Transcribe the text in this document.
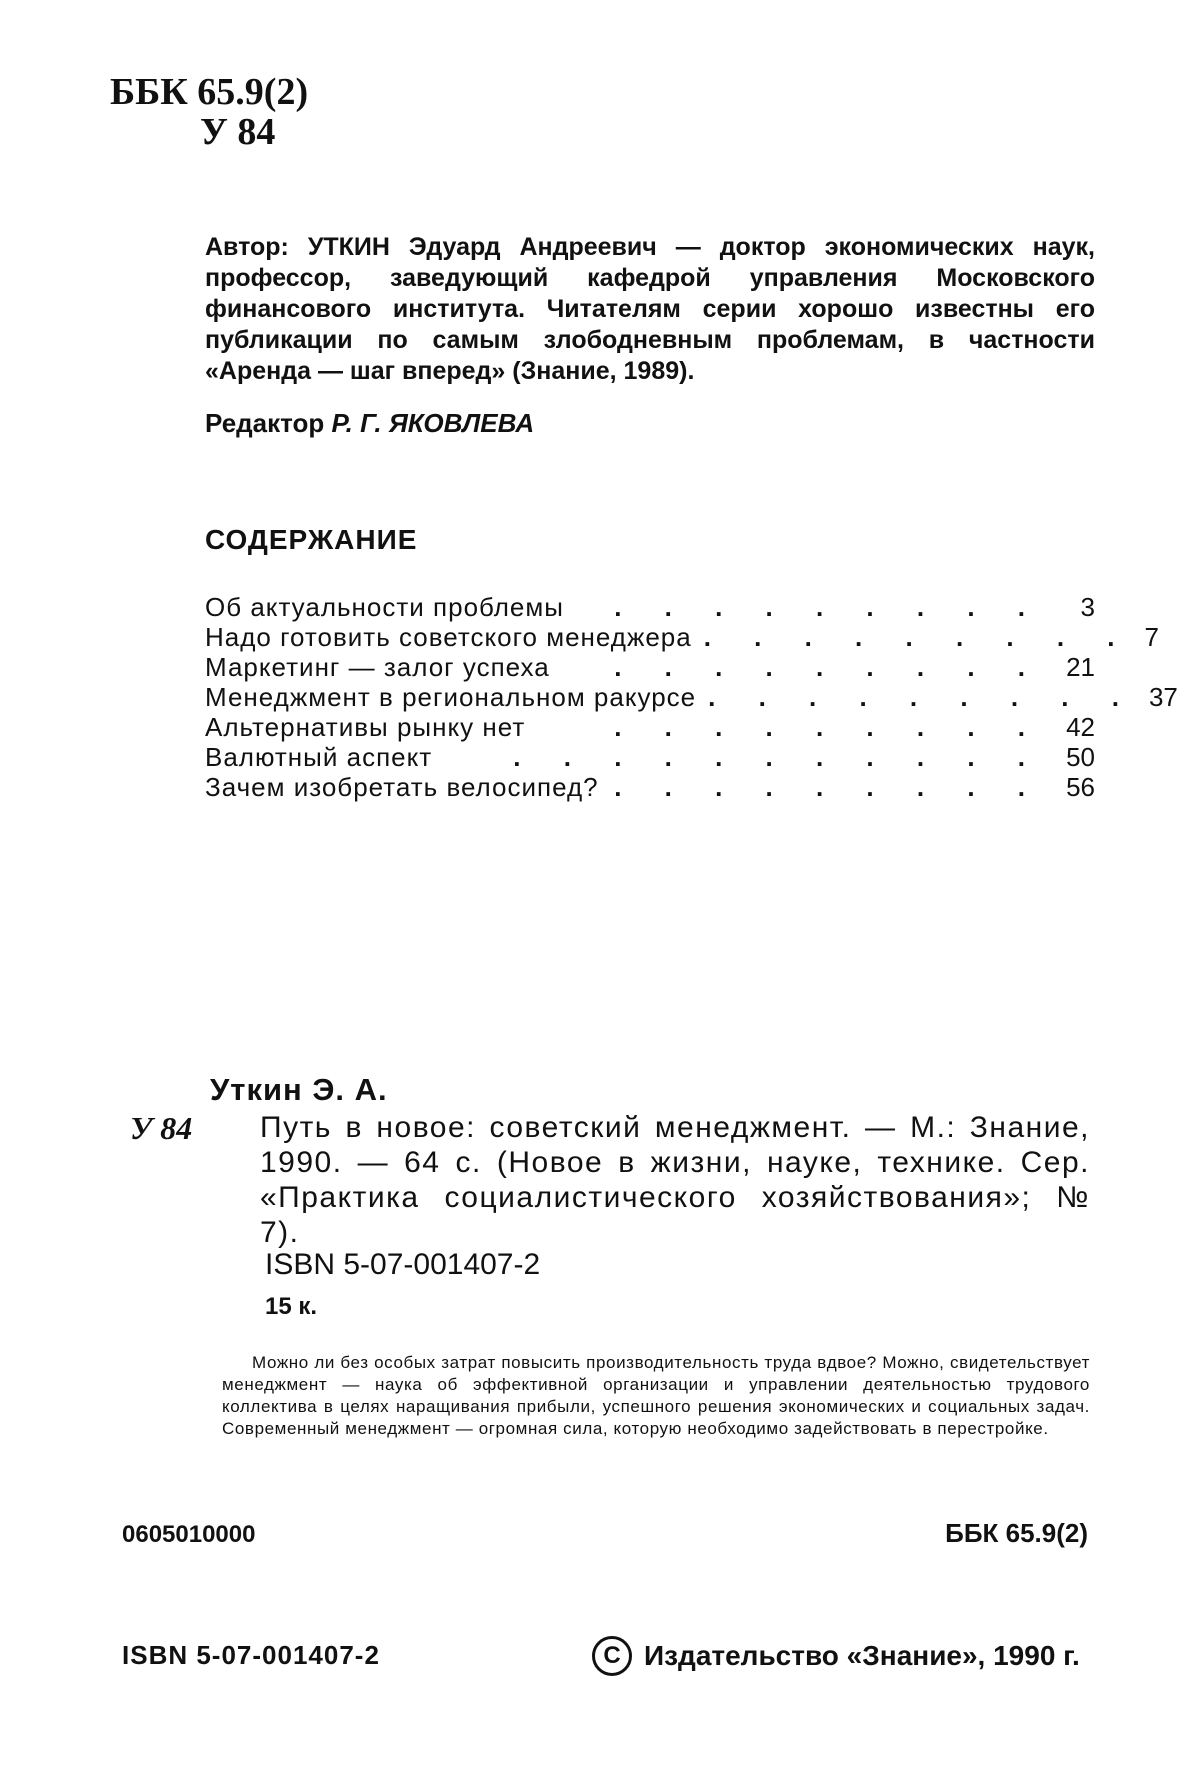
ББК 65.9(2)
У 84
Автор: УТКИН Эдуард Андреевич — доктор экономических наук, профессор, заведующий кафедрой управления Московского финансового института. Читателям серии хорошо известны его публикации по самым злободневным проблемам, в частности «Аренда — шаг вперед» (Знание, 1989).
Редактор Р. Г. ЯКОВЛЕВА
СОДЕРЖАНИЕ
Об актуальности проблемы	. . . . . . . . .	3
Надо готовить советского менеджера . . . . . . . . . 7
Маркетинг — залог успеха	. . . . . . . . . 21
Менеджмент в региональном ракурсе . . . . . . . . . 37
Альтернативы рынку нет	. . . . . . . . . 42
Валютный аспект	. . . . . . . . . . . 50
Зачем изобретать велосипед? . . . . . . . . . 56
Уткин Э. А.
У 84	Путь в новое: советский менеджмент. — М.: Знание, 1990. — 64 с. (Новое в жизни, науке, технике. Сер. «Практика социалистического хозяйствования»; № 7).
ISBN 5-07-001407-2
15 к.
Можно ли без особых затрат повысить производительность труда вдвое? Можно, свидетельствует менеджмент — наука об эффективной организации и управлении деятельностью трудового коллектива в целях наращивания прибыли, успешного решения экономических и социальных задач. Современный менеджмент — огромная сила, которую необходимо задействовать в перестройке.
0605010000	ББК 65.9(2)
ISBN 5-07-001407-2	C Издательство «Знание», 1990 г.
